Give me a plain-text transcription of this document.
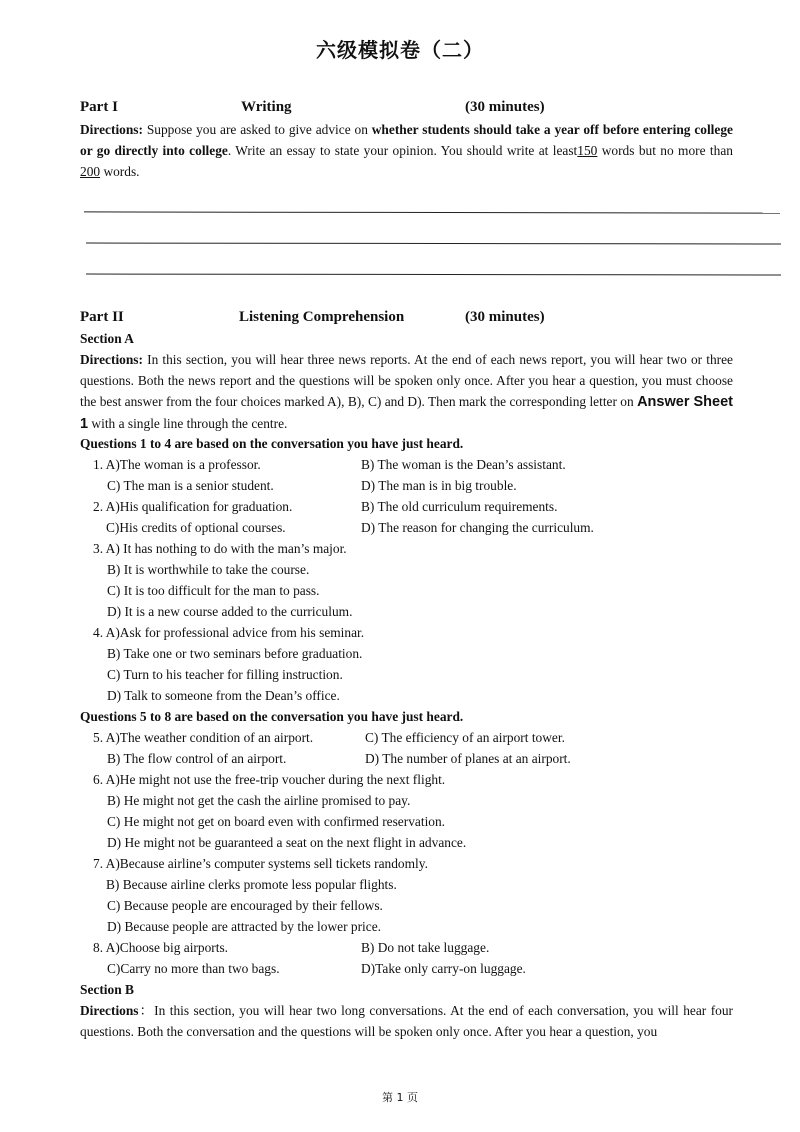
六级模拟卷（二）
Part I	Writing	(30 minutes)
Directions: Suppose you are asked to give advice on whether students should take a year off before entering college or go directly into college. Write an essay to state your opinion. You should write at least150 words but no more than 200 words.
Part II	Listening Comprehension	(30 minutes)
Section A
Directions: In this section, you will hear three news reports. At the end of each news report, you will hear two or three questions. Both the news report and the questions will be spoken only once. After you hear a question, you must choose the best answer from the four choices marked A), B), C) and D). Then mark the corresponding letter on Answer Sheet 1 with a single line through the centre.
Questions 1 to 4 are based on the conversation you have just heard.
1. A)The woman is a professor.	B) The woman is the Dean’s assistant.
C) The man is a senior student.	D) The man is in big trouble.
2. A)His qualification for graduation.	B) The old curriculum requirements.
C)His credits of optional courses.	D) The reason for changing the curriculum.
3. A) It has nothing to do with the man’s major.
B) It is worthwhile to take the course.
C) It is too difficult for the man to pass.
D) It is a new course added to the curriculum.
4. A)Ask for professional advice from his seminar.
B) Take one or two seminars before graduation.
C) Turn to his teacher for filling instruction.
D) Talk to someone from the Dean’s office.
Questions 5 to 8 are based on the conversation you have just heard.
5. A)The weather condition of an airport.	C) The efficiency of an airport tower.
B) The flow control of an airport.	D) The number of planes at an airport.
6. A)He might not use the free-trip voucher during the next flight.
B) He might not get the cash the airline promised to pay.
C) He might not get on board even with confirmed reservation.
D) He might not be guaranteed a seat on the next flight in advance.
7. A)Because airline’s computer systems sell tickets randomly.
B) Because airline clerks promote less popular flights.
C) Because people are encouraged by their fellows.
D) Because people are attracted by the lower price.
8. A)Choose big airports.	B) Do not take luggage.
C)Carry no more than two bags.	D)Take only carry-on luggage.
Section B
Directions：In this section, you will hear two long conversations. At the end of each conversation, you will hear four questions. Both the conversation and the questions will be spoken only once. After you hear a question, you
第 1 页
